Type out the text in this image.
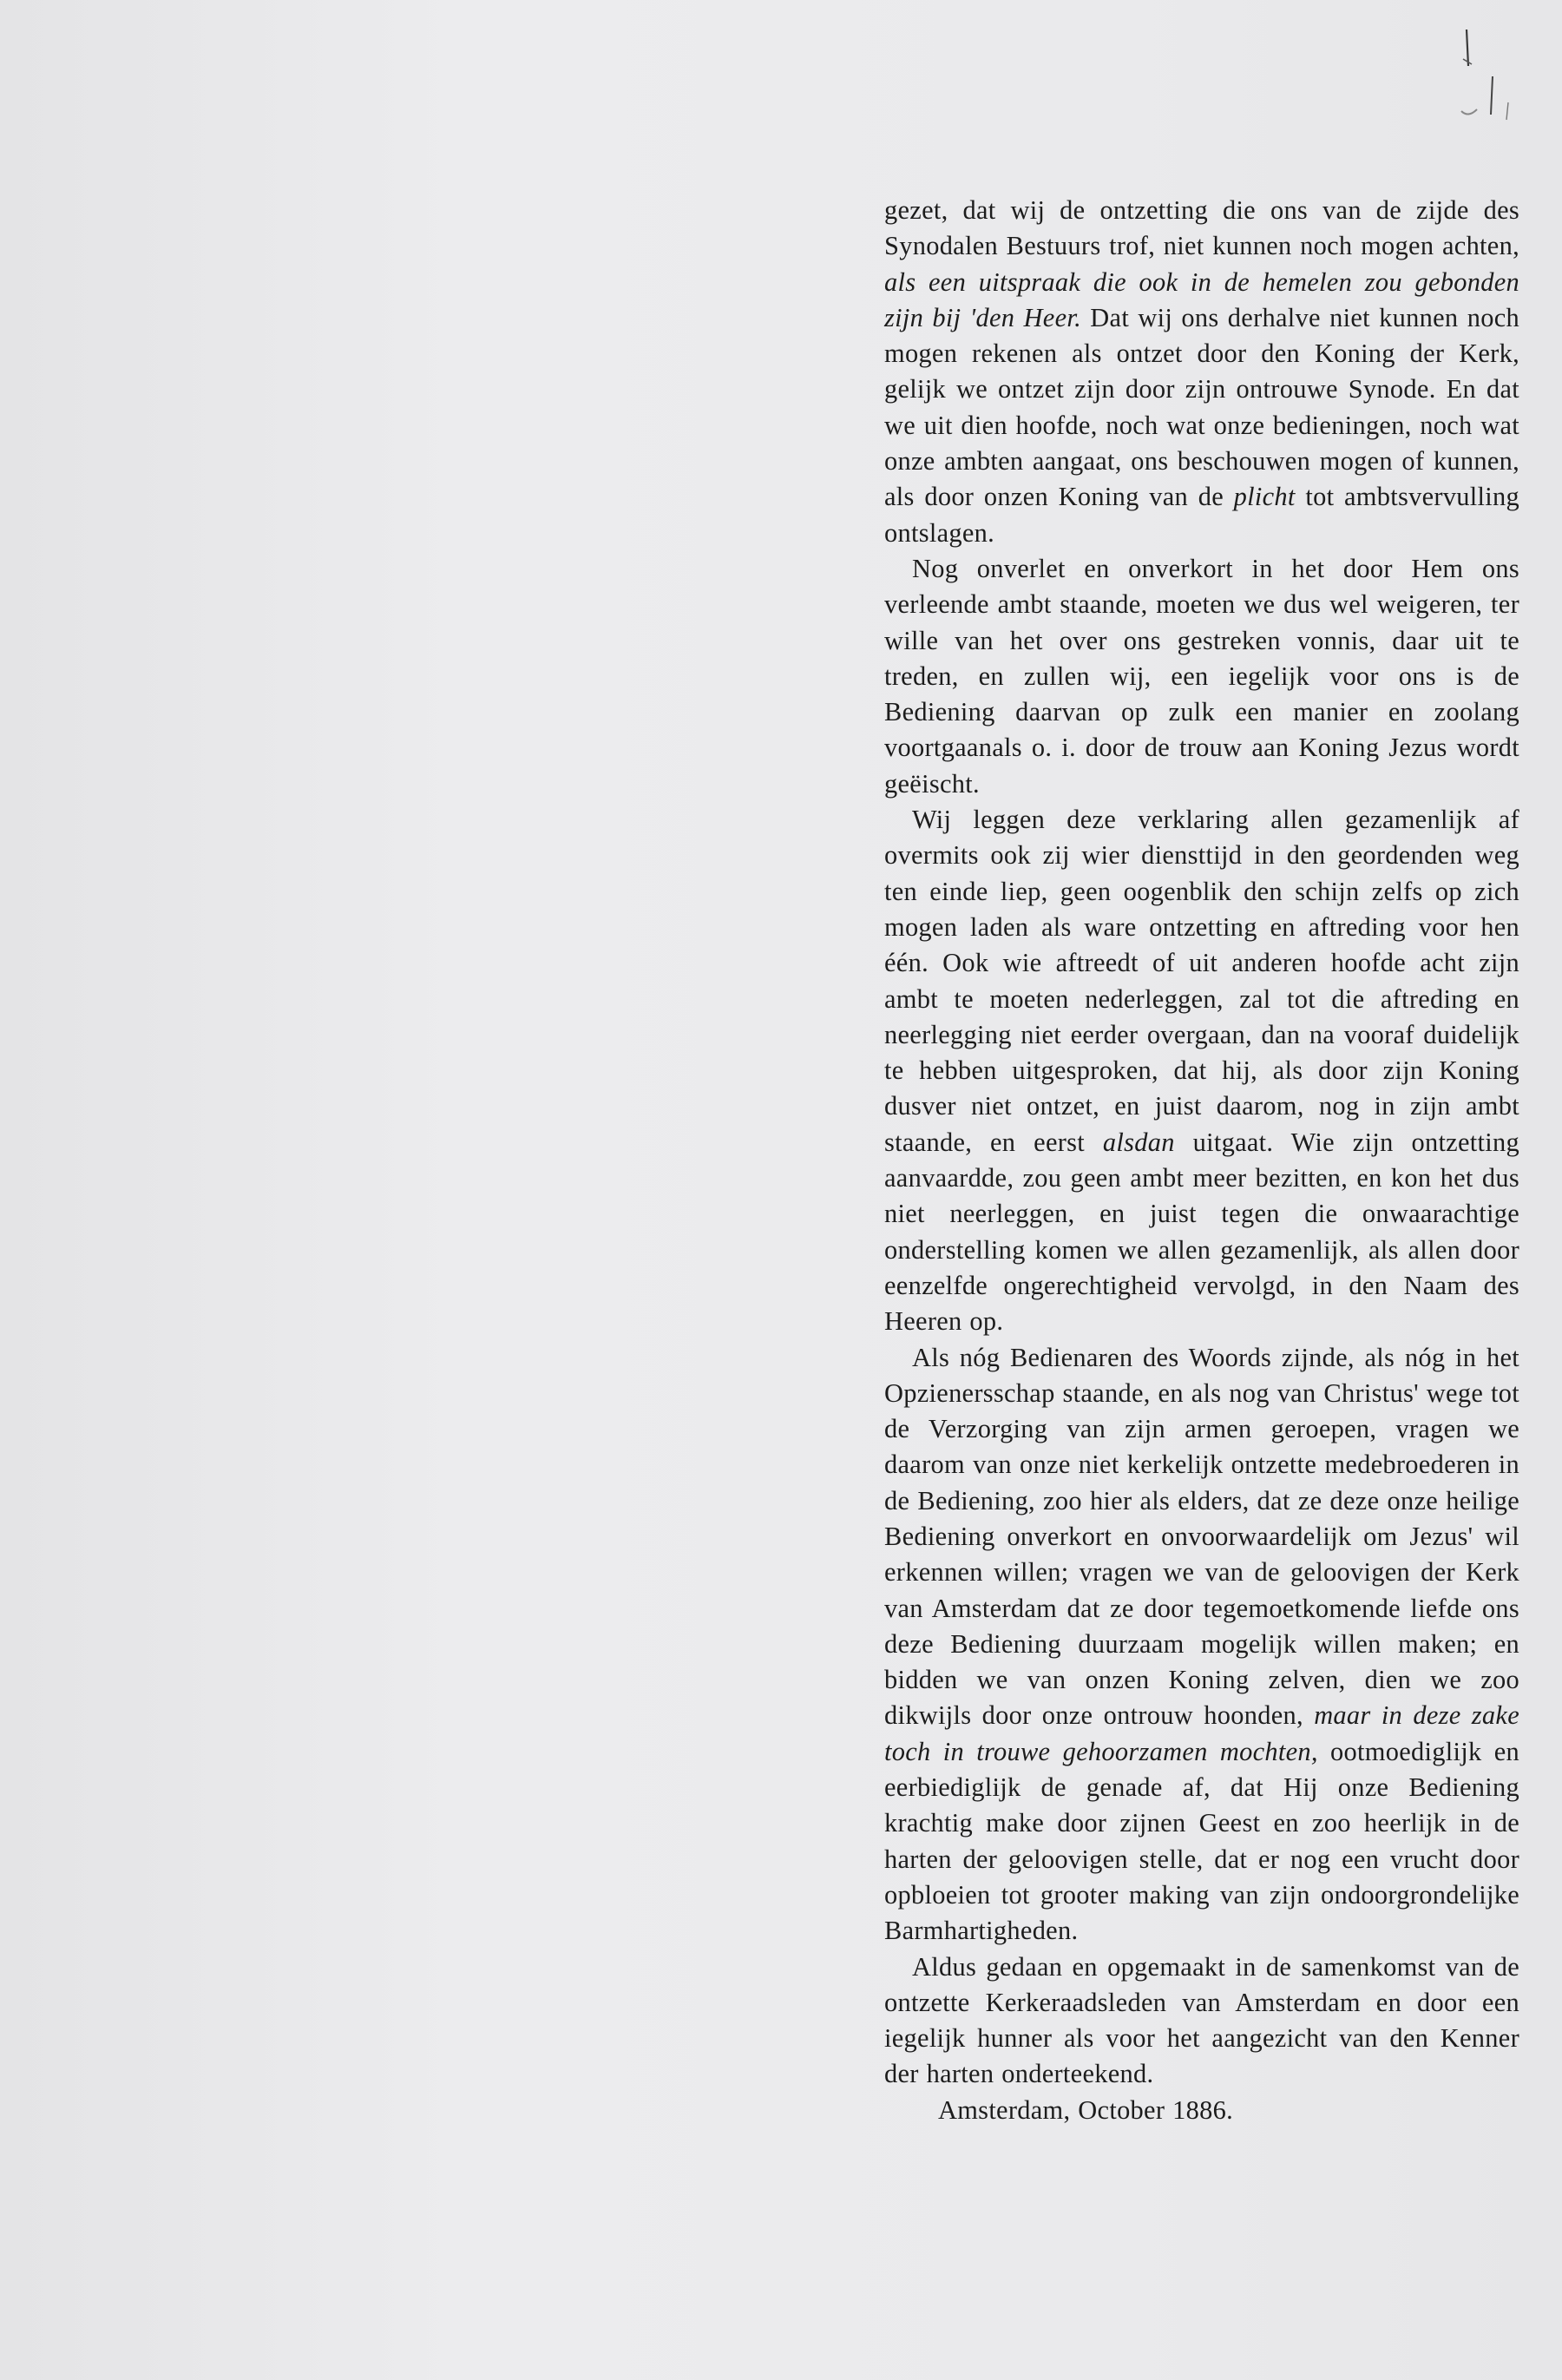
gezet, dat wij de ontzetting die ons van de zijde des Synodalen Bestuurs trof, niet kunnen noch mogen achten, als een uitspraak die ook in de hemelen zou gebonden zijn bij 'den Heer. Dat wij ons derhalve niet kunnen noch mogen rekenen als ontzet door den Koning der Kerk, gelijk we ontzet zijn door zijn ontrouwe Synode. En dat we uit dien hoofde, noch wat onze bedieningen, noch wat onze ambten aangaat, ons beschouwen mogen of kunnen, als door onzen Koning van de plicht tot ambtsvervulling ontslagen.

Nog onverlet en onverkort in het door Hem ons verleende ambt staande, moeten we dus wel weigeren, ter wille van het over ons gestreken vonnis, daar uit te treden, en zullen wij, een iegelijk voor ons is de Bediening daarvan op zulk een manier en zoolang voortgaanals o. i. door de trouw aan Koning Jezus wordt geëischt.

Wij leggen deze verklaring allen gezamenlijk af overmits ook zij wier diensttijd in den geordenden weg ten einde liep, geen oogenblik den schijn zelfs op zich mogen laden als ware ontzetting en aftreding voor hen één. Ook wie aftreedt of uit anderen hoofde acht zijn ambt te moeten nederleggen, zal tot die aftreding en neerlegging niet eerder overgaan, dan na vooraf duidelijk te hebben uitgesproken, dat hij, als door zijn Koning dusver niet ontzet, en juist daarom, nog in zijn ambt staande, en eerst alsdan uitgaat. Wie zijn ontzetting aanvaardde, zou geen ambt meer bezitten, en kon het dus niet neerleggen, en juist tegen die onwaarachtige onderstelling komen we allen gezamenlijk, als allen door eenzelfde ongerechtigheid vervolgd, in den Naam des Heeren op.

Als nóg Bedienaren des Woords zijnde, als nóg in het Opzienersschap staande, en als nog van Christus' wege tot de Verzorging van zijn armen geroepen, vragen we daarom van onze niet kerkelijk ontzette medebroederen in de Bediening, zoo hier als elders, dat ze deze onze heilige Bediening onverkort en onvoorwaardelijk om Jezus' wil erkennen willen; vragen we van de geloovigen der Kerk van Amsterdam dat ze door tegemoetkomende liefde ons deze Bediening duurzaam mogelijk willen maken; en bidden we van onzen Koning zelven, dien we zoo dikwijls door onze ontrouw hoonden, maar in deze zake toch in trouwe gehoorzamen mochten, ootmoediglijk en eerbiediglijk de genade af, dat Hij onze Bediening krachtig make door zijnen Geest en zoo heerlijk in de harten der geloovigen stelle, dat er nog een vrucht door opbloeien tot grooter making van zijn ondoorgrondelijke Barmhartigheden.

Aldus gedaan en opgemaakt in de samenkomst van de ontzette Kerkeraadsleden van Amsterdam en door een iegelijk hunner als voor het aangezicht van den Kenner der harten onderteekend.

Amsterdam, October 1886.
